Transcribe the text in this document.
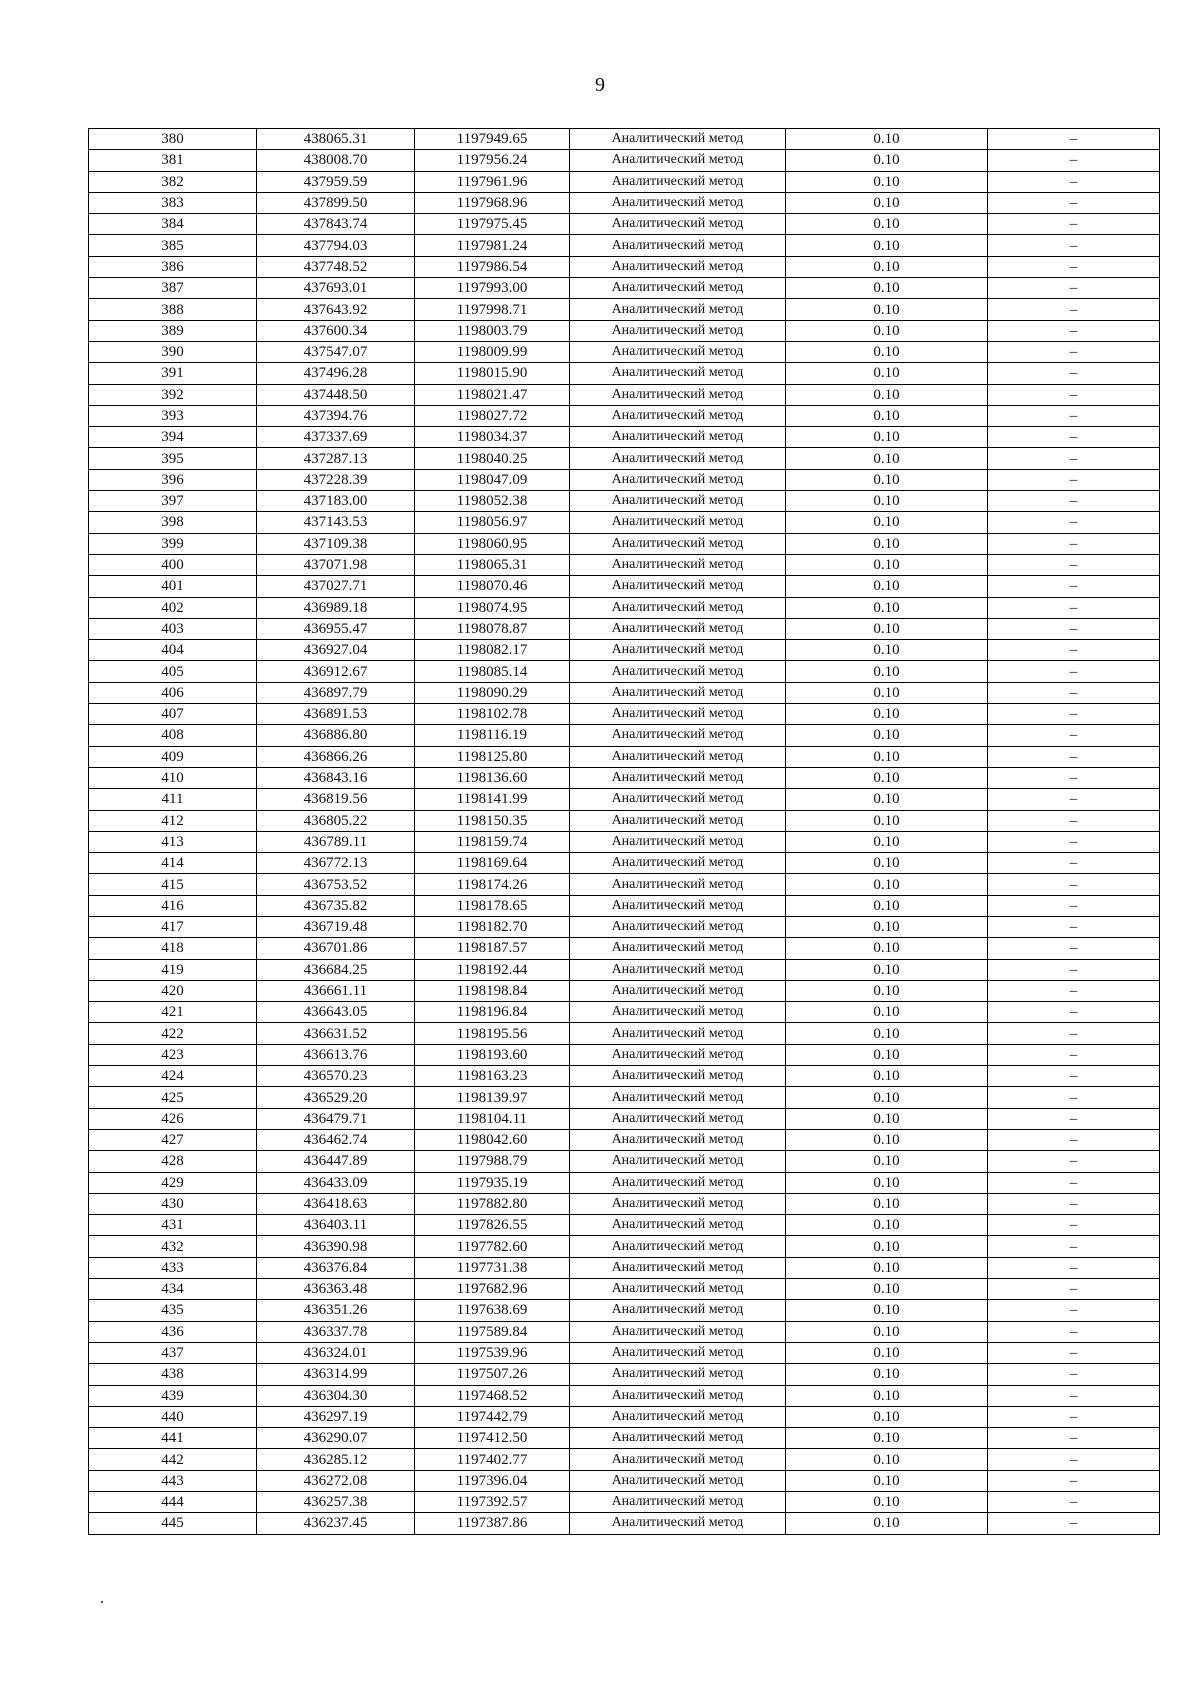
9
380	438065.31	1197949.65	Аналитический метод	0.10	–
381	438008.70	1197956.24	Аналитический метод	0.10	–
382	437959.59	1197961.96	Аналитический метод	0.10	–
383	437899.50	1197968.96	Аналитический метод	0.10	–
384	437843.74	1197975.45	Аналитический метод	0.10	–
385	437794.03	1197981.24	Аналитический метод	0.10	–
386	437748.52	1197986.54	Аналитический метод	0.10	–
387	437693.01	1197993.00	Аналитический метод	0.10	–
388	437643.92	1197998.71	Аналитический метод	0.10	–
389	437600.34	1198003.79	Аналитический метод	0.10	–
390	437547.07	1198009.99	Аналитический метод	0.10	–
391	437496.28	1198015.90	Аналитический метод	0.10	–
392	437448.50	1198021.47	Аналитический метод	0.10	–
393	437394.76	1198027.72	Аналитический метод	0.10	–
394	437337.69	1198034.37	Аналитический метод	0.10	–
395	437287.13	1198040.25	Аналитический метод	0.10	–
396	437228.39	1198047.09	Аналитический метод	0.10	–
397	437183.00	1198052.38	Аналитический метод	0.10	–
398	437143.53	1198056.97	Аналитический метод	0.10	–
399	437109.38	1198060.95	Аналитический метод	0.10	–
400	437071.98	1198065.31	Аналитический метод	0.10	–
401	437027.71	1198070.46	Аналитический метод	0.10	–
402	436989.18	1198074.95	Аналитический метод	0.10	–
403	436955.47	1198078.87	Аналитический метод	0.10	–
404	436927.04	1198082.17	Аналитический метод	0.10	–
405	436912.67	1198085.14	Аналитический метод	0.10	–
406	436897.79	1198090.29	Аналитический метод	0.10	–
407	436891.53	1198102.78	Аналитический метод	0.10	–
408	436886.80	1198116.19	Аналитический метод	0.10	–
409	436866.26	1198125.80	Аналитический метод	0.10	–
410	436843.16	1198136.60	Аналитический метод	0.10	–
411	436819.56	1198141.99	Аналитический метод	0.10	–
412	436805.22	1198150.35	Аналитический метод	0.10	–
413	436789.11	1198159.74	Аналитический метод	0.10	–
414	436772.13	1198169.64	Аналитический метод	0.10	–
415	436753.52	1198174.26	Аналитический метод	0.10	–
416	436735.82	1198178.65	Аналитический метод	0.10	–
417	436719.48	1198182.70	Аналитический метод	0.10	–
418	436701.86	1198187.57	Аналитический метод	0.10	–
419	436684.25	1198192.44	Аналитический метод	0.10	–
420	436661.11	1198198.84	Аналитический метод	0.10	–
421	436643.05	1198196.84	Аналитический метод	0.10	–
422	436631.52	1198195.56	Аналитический метод	0.10	–
423	436613.76	1198193.60	Аналитический метод	0.10	–
424	436570.23	1198163.23	Аналитический метод	0.10	–
425	436529.20	1198139.97	Аналитический метод	0.10	–
426	436479.71	1198104.11	Аналитический метод	0.10	–
427	436462.74	1198042.60	Аналитический метод	0.10	–
428	436447.89	1197988.79	Аналитический метод	0.10	–
429	436433.09	1197935.19	Аналитический метод	0.10	–
430	436418.63	1197882.80	Аналитический метод	0.10	–
431	436403.11	1197826.55	Аналитический метод	0.10	–
432	436390.98	1197782.60	Аналитический метод	0.10	–
433	436376.84	1197731.38	Аналитический метод	0.10	–
434	436363.48	1197682.96	Аналитический метод	0.10	–
435	436351.26	1197638.69	Аналитический метод	0.10	–
436	436337.78	1197589.84	Аналитический метод	0.10	–
437	436324.01	1197539.96	Аналитический метод	0.10	–
438	436314.99	1197507.26	Аналитический метод	0.10	–
439	436304.30	1197468.52	Аналитический метод	0.10	–
440	436297.19	1197442.79	Аналитический метод	0.10	–
441	436290.07	1197412.50	Аналитический метод	0.10	–
442	436285.12	1197402.77	Аналитический метод	0.10	–
443	436272.08	1197396.04	Аналитический метод	0.10	–
444	436257.38	1197392.57	Аналитический метод	0.10	–
445	436237.45	1197387.86	Аналитический метод	0.10	–
